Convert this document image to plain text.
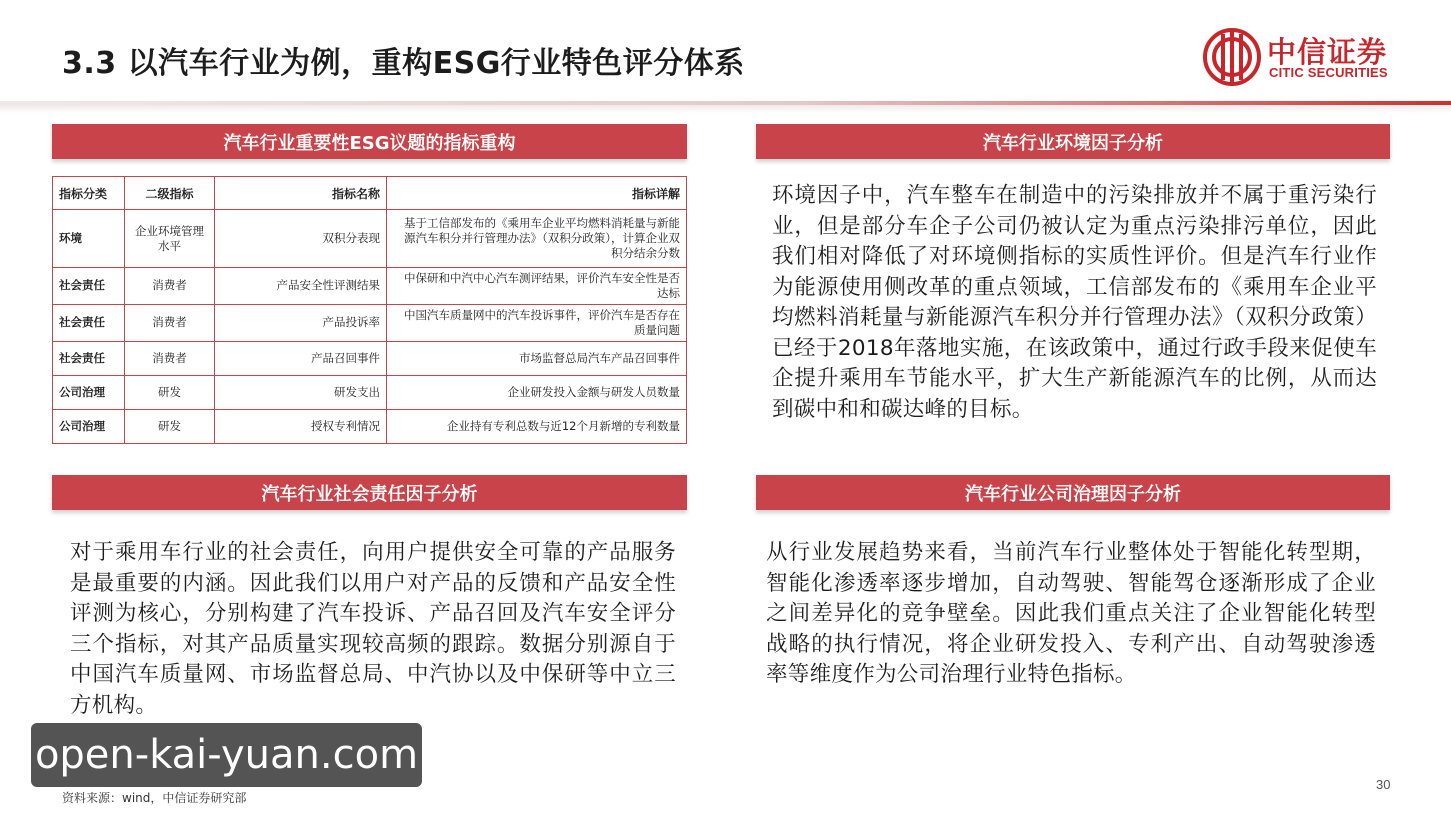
3.3 以汽车行业为例，重构ESG行业特色评分体系	中信证券
CITIC SECURITIES
汽车行业重要性ESG议题的指标重构
指标分类	二级指标	指标名称	指标详解
环境	企业环境管理水平	双积分表现	基于工信部发布的《乘用车企业平均燃料消耗量与新能源汽车积分并行管理办法》（双积分政策），计算企业双积分结余分数
社会责任	消费者	产品安全性评测结果	中保研和中汽中心汽车测评结果，评价汽车安全性是否达标
社会责任	消费者	产品投诉率	中国汽车质量网中的汽车投诉事件，评价汽车是否存在质量问题
社会责任	消费者	产品召回事件	市场监督总局汽车产品召回事件
公司治理	研发	研发支出	企业研发投入金额与研发人员数量
公司治理	研发	授权专利情况	企业持有专利总数与近12个月新增的专利数量
汽车行业环境因子分析
环境因子中，汽车整车在制造中的污染排放并不属于重污染行业，但是部分车企子公司仍被认定为重点污染排污单位，因此我们相对降低了对环境侧指标的实质性评价。但是汽车行业作为能源使用侧改革的重点领域，工信部发布的《乘用车企业平均燃料消耗量与新能源汽车积分并行管理办法》（双积分政策）已经于2018年落地实施，在该政策中，通过行政手段来促使车企提升乘用车节能水平，扩大生产新能源汽车的比例，从而达到碳中和和碳达峰的目标。
汽车行业社会责任因子分析
对于乘用车行业的社会责任，向用户提供安全可靠的产品服务是最重要的内涵。因此我们以用户对产品的反馈和产品安全性评测为核心，分别构建了汽车投诉、产品召回及汽车安全评分三个指标，对其产品质量实现较高频的跟踪。数据分别源自于中国汽车质量网、市场监督总局、中汽协以及中保研等中立三方机构。
汽车行业公司治理因子分析
从行业发展趋势来看，当前汽车行业整体处于智能化转型期，智能化渗透率逐步增加，自动驾驶、智能驾仓逐渐形成了企业之间差异化的竞争壁垒。因此我们重点关注了企业智能化转型战略的执行情况，将企业研发投入、专利产出、自动驾驶渗透率等维度作为公司治理行业特色指标。
open-kai-yuan.com
资料来源：wind，中信证券研究部
30
